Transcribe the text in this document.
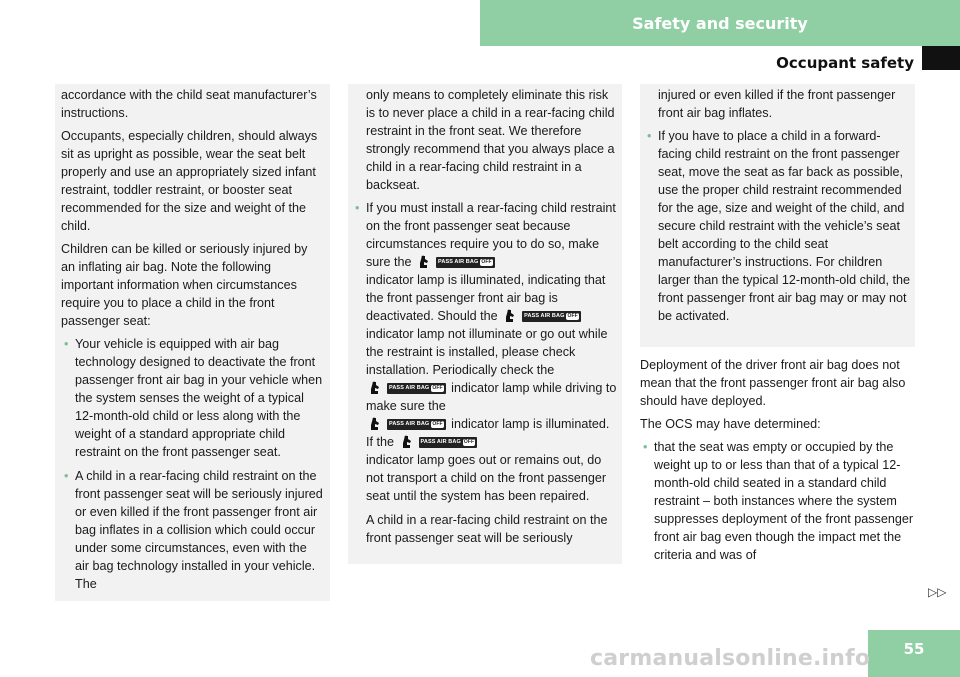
Safety and security
Occupant safety

accordance with the child seat manufacturer’s instructions.

Occupants, especially children, should always sit as upright as possible, wear the seat belt properly and use an appropriately sized infant restraint, toddler restraint, or booster seat recommended for the size and weight of the child.

Children can be killed or seriously injured by an inflating air bag. Note the following important information when circumstances require you to place a child in the front passenger seat:

• Your vehicle is equipped with air bag technology designed to deactivate the front passenger front air bag in your vehicle when the system senses the weight of a typical 12-month-old child or less along with the weight of a standard appropriate child restraint on the front passenger seat.
• A child in a rear-facing child restraint on the front passenger seat will be seriously injured or even killed if the front passenger front air bag inflates in a collision which could occur under some circumstances, even with the air bag technology installed in your vehicle. The

only means to completely eliminate this risk is to never place a child in a rear-facing child restraint in the front seat. We therefore strongly recommend that you always place a child in a rear-facing child restraint in a backseat.

• If you must install a rear-facing child restraint on the front passenger seat because circumstances require you to do so, make sure the	PASS AIR BAG OFF

indicator lamp is illuminated, indicating that the front passenger front air bag is deactivated. Should the	PASS AIR BAG OFF

indicator lamp not illuminate or go out while the restraint is installed, please check installation. Periodically check the

PASS AIR BAG OFF indicator lamp while driving to make sure the

PASS AIR BAG OFF indicator lamp is illuminated. If the	PASS AIR BAG OFF

indicator lamp goes out or remains out, do not transport a child on the front passenger seat until the system has been repaired.

A child in a rear-facing child restraint on the front passenger seat will be seriously

injured or even killed if the front passenger front air bag inflates.

• If you have to place a child in a forward-facing child restraint on the front passenger seat, move the seat as far back as possible, use the proper child restraint recommended for the age, size and weight of the child, and secure child restraint with the vehicle’s seat belt according to the child seat manufacturer’s instructions. For children larger than the typical 12-month-old child, the front passenger front air bag may or may not be activated.

Deployment of the driver front air bag does not mean that the front passenger front air bag also should have deployed.

The OCS may have determined:

• that the seat was empty or occupied by the weight up to or less than that of a typical 12-month-old child seated in a standard child restraint – both instances where the system suppresses deployment of the front passenger front air bag even though the impact met the criteria and was of
▷▷
55
carmanualsonline.info
